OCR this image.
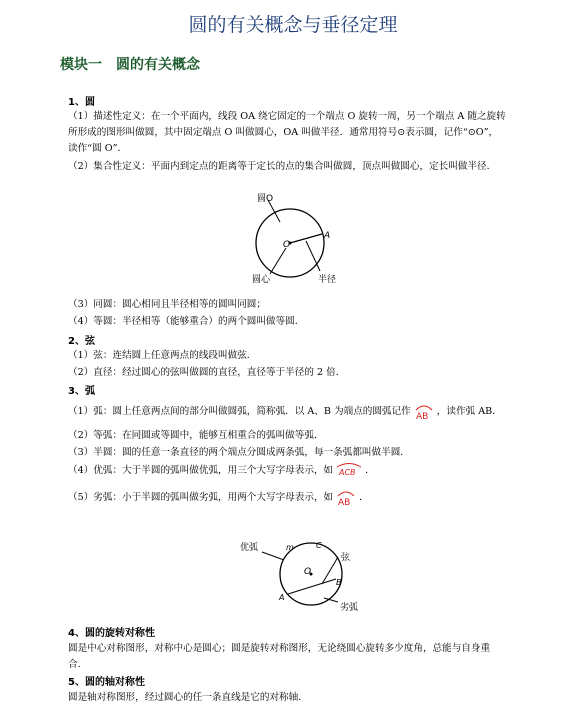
圆的有关概念与垂径定理
模块一 圆的有关概念
1、圆
（1）描述性定义：在一个平面内，线段 OA 绕它固定的一个端点 O 旋转一周，另一个端点 A 随之旋转
所形成的图形叫做圆，其中固定端点 O 叫做圆心，OA 叫做半径．通常用符号⊙表示圆，记作“⊙O”，
读作“圆 O”．
（2）集合性定义：平面内到定点的距离等于定长的点的集合叫做圆，顶点叫做圆心，定长叫做半径．
圆O
O
A
圆心	半径
（3）同圆：圆心相同且半径相等的圆叫同圆；
（4）等圆：半径相等（能够重合）的两个圆叫做等圆．
2、弦
（1）弦：连结圆上任意两点的线段叫做弦．
（2）直径：经过圆心的弦叫做圆的直径，直径等于半径的 2 倍．
3、弧
（1）弧：圆上任意两点间的部分叫做圆弧，简称弧．以 A、B 为端点的圆弧记作 AB ，读作弧 AB．
（2）等弧：在同圆或等圆中，能够互相重合的弧叫做等弧．
（3）半圆：圆的任意一条直径的两个端点分圆成两条弧，每一条弧都叫做半圆．
（4）优弧：大于半圆的弧叫做优弧，用三个大写字母表示，如 ACB ．
（5）劣弧：小于半圆的弧叫做劣弧，用两个大写字母表示，如 AB ．
优弧	m	C
弦
O
B
A
劣弧
4、圆的旋转对称性
圆是中心对称图形，对称中心是圆心；圆是旋转对称图形，无论绕圆心旋转多少度角，总能与自身重
合．
5、圆的轴对称性
圆是轴对称图形，经过圆心的任一条直线是它的对称轴．
